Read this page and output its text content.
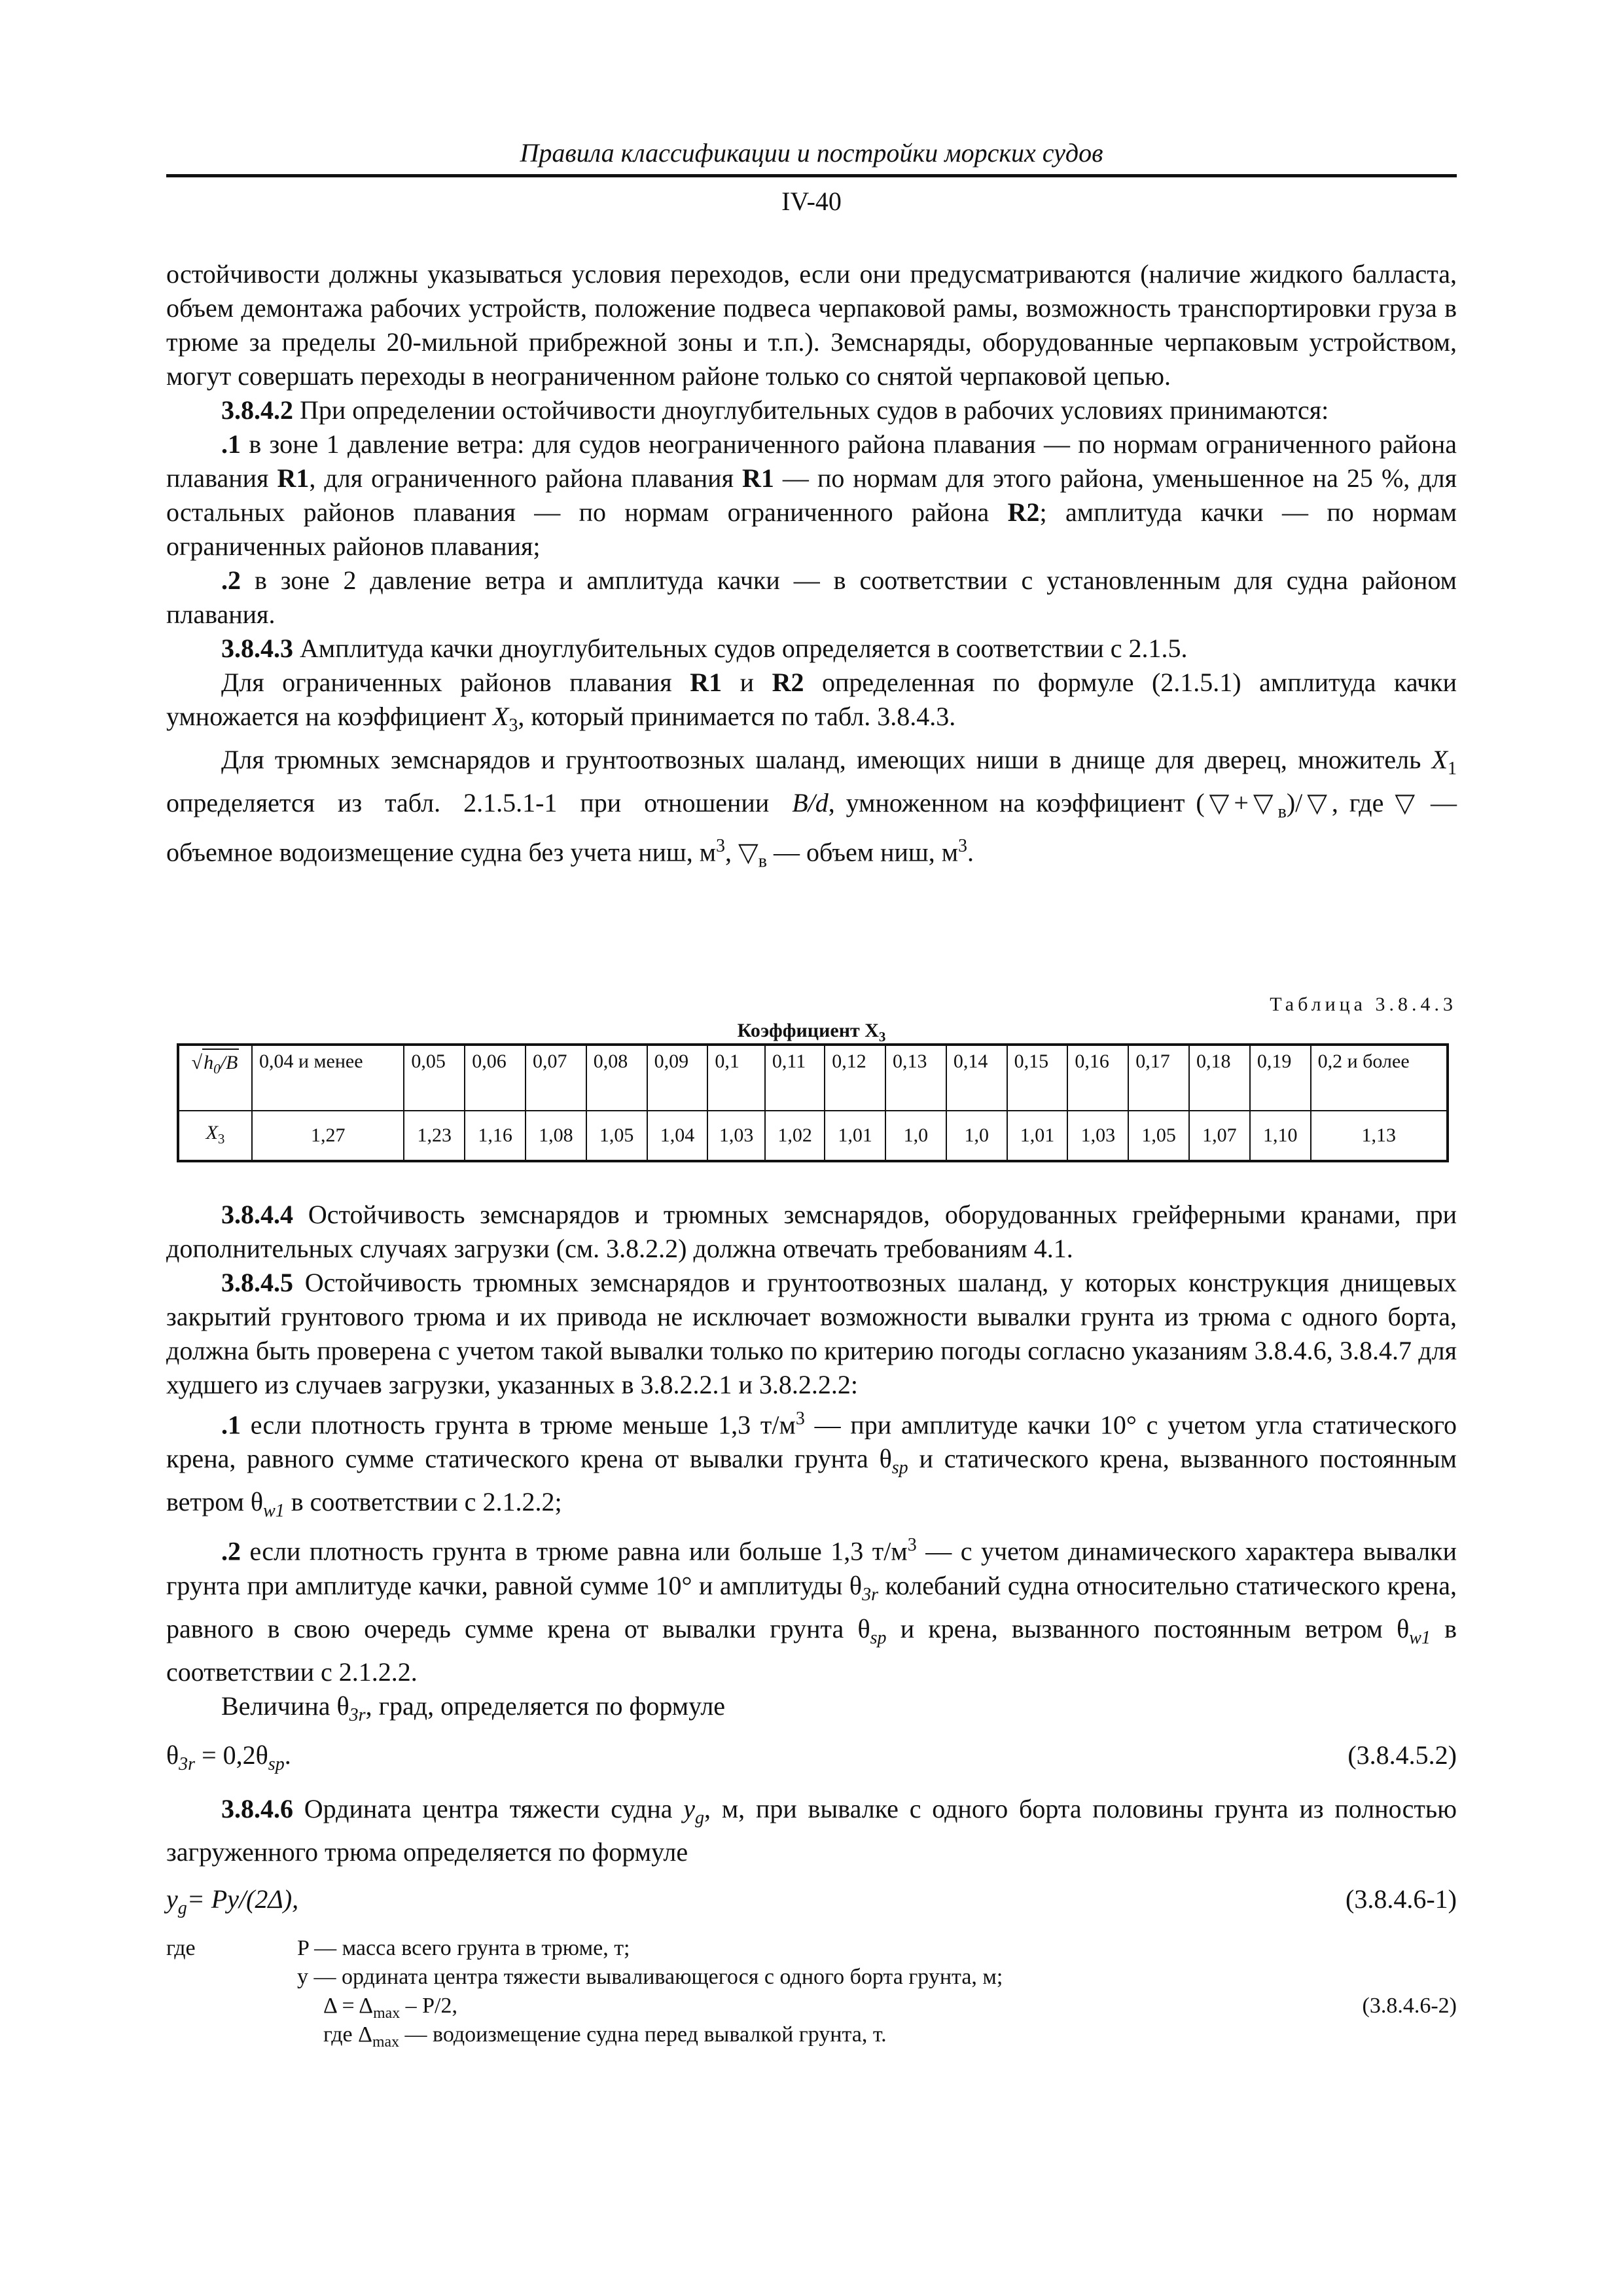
Правила классификации и постройки морских судов
IV-40

остойчивости должны указываться условия переходов, если они предусматриваются (наличие жидкого балласта, объем демонтажа рабочих устройств, положение подвеса черпаковой рамы, возможность транспортировки груза в трюме за пределы 20-мильной прибрежной зоны и т.п.). Земснаряды, оборудованные черпаковым устройством, могут совершать переходы в неограниченном районе только со снятой черпаковой цепью.

3.8.4.2 При определении остойчивости дноуглубительных судов в рабочих условиях принимаются:

.1 в зоне 1 давление ветра: для судов неограниченного района плавания — по нормам ограниченного района плавания R1, для ограниченного района плавания R1 — по нормам для этого района, уменьшенное на 25 %, для остальных районов плавания — по нормам ограниченного района R2; амплитуда качки — по нормам ограниченных районов плавания;

.2 в зоне 2 давление ветра и амплитуда качки — в соответствии с установленным для судна районом плавания.

3.8.4.3 Амплитуда качки дноуглубительных судов определяется в соответствии с 2.1.5.

Для ограниченных районов плавания R1 и R2 определенная по формуле (2.1.5.1) амплитуда качки умножается на коэффициент $X_3$, который принимается по табл. 3.8.4.3.

Для трюмных земснарядов и грунтоотвозных шаланд, имеющих ниши в днище для дверец, множитель $X_1$ определяется из табл. 2.1.5.1-1 при отношении B/d, умноженном на коэффициент $(▽+▽_в)/▽$, где ▽ — объемное водоизмещение судна без учета ниш, $м^3$, $▽_в$ — объем ниш, $м^3$.

Таблица 3.8.4.3
Коэффициент $X_3$
$√h_0/B$	0,04 и менее	0,05	0,06	0,07	0,08	0,09	0,1	0,11	0,12	0,13	0,14	0,15	0,16	0,17	0,18	0,19	0,2 и более
$X_3$	1,27	1,23	1,16	1,08	1,05	1,04	1,03	1,02	1,01	1,0	1,0	1,01	1,03	1,05	1,07	1,10	1,13

3.8.4.4 Остойчивость земснарядов и трюмных земснарядов, оборудованных грейферными кранами, при дополнительных случаях загрузки (см. 3.8.2.2) должна отвечать требованиям 4.1.

3.8.4.5 Остойчивость трюмных земснарядов и грунтоотвозных шаланд, у которых конструкция днищевых закрытий грунтового трюма и их привода не исключает возможности вывалки грунта из трюма с одного борта, должна быть проверена с учетом такой вывалки только по критерию погоды согласно указаниям 3.8.4.6, 3.8.4.7 для худшего из случаев загрузки, указанных в 3.8.2.2.1 и 3.8.2.2.2:

.1 если плотность грунта в трюме меньше 1,3 $т/м^3$ — при амплитуде качки 10° с учетом угла статического крена, равного сумме статического крена от вывалки грунта $\theta_{sp}$ и статического крена, вызванного постоянным ветром $\theta_{w1}$ в соответствии с 2.1.2.2;

.2 если плотность грунта в трюме равна или больше 1,3 $т/м^3$ — с учетом динамического характера вывалки грунта при амплитуде качки, равной сумме 10° и амплитуды $\theta_{3r}$ колебаний судна относительно статического крена, равного в свою очередь сумме крена от вывалки грунта $\theta_{sp}$ и крена, вызванного постоянным ветром $\theta_{w1}$ в соответствии с 2.1.2.2.

Величина $\theta_{3r}$, град, определяется по формуле

$\theta_{3r} = 0,2\theta_{sp}$.	(3.8.4.5.2)

3.8.4.6 Ордината центра тяжести судна $y_g$, м, при вывалке с одного борта половины грунта из полностью загруженного трюма определяется по формуле

$y_g= Py/(2\Delta)$,	(3.8.4.6-1)
где	P — масса всего грунта в трюме, т;
y — ордината центра тяжести вываливающегося с одного борта грунта, м;
$\Delta = \Delta_{max} - P/2$,	(3.8.4.6-2)
где $\Delta_{max}$ — водоизмещение судна перед вывалкой грунта, т.
